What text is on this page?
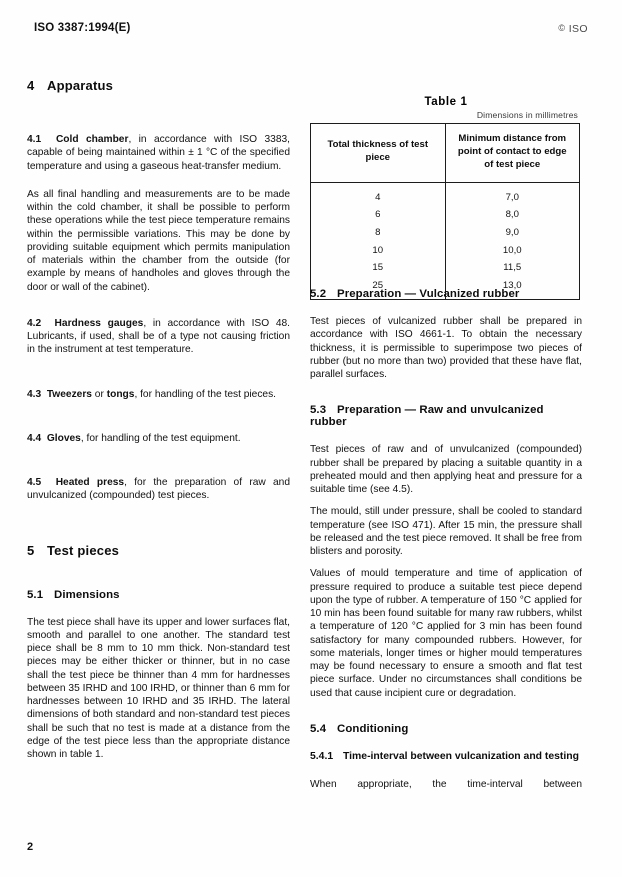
ISO 3387:1994(E)	© ISO
4 Apparatus

4.1 Cold chamber, in accordance with ISO 3383, capable of being maintained within ± 1 °C of the specified temperature and using a gaseous heat-transfer medium.

As all final handling and measurements are to be made within the cold chamber, it shall be possible to perform these operations while the test piece temperature remains within the permissible variations. This may be done by providing suitable equipment which permits manipulation of materials within the chamber from the outside (for example by means of handholes and gloves through the door or wall of the cabinet).

4.2 Hardness gauges, in accordance with ISO 48. Lubricants, if used, shall be of a type not causing friction in the instrument at test temperature.

4.3 Tweezers or tongs, for handling of the test pieces.

4.4 Gloves, for handling of the test equipment.

4.5 Heated press, for the preparation of raw and unvulcanized (compounded) test pieces.

5 Test pieces
5.1 Dimensions

The test piece shall have its upper and lower surfaces flat, smooth and parallel to one another. The standard test piece shall be 8 mm to 10 mm thick. Non-standard test pieces may be either thicker or thinner, but in no case shall the test piece be thinner than 4 mm for hardnesses between 35 IRHD and 100 IRHD, or thinner than 6 mm for hardnesses between 10 IRHD and 35 IRHD. The lateral dimensions of both standard and non-standard test pieces shall be such that no test is made at a distance from the edge of the test piece less than the appropriate distance shown in table 1.

Table 1
Dimensions in millimetres
Total thickness of test piece	Minimum distance from point of contact to edge of test piece
4	7,0
6	8,0
8	9,0
10	10,0
15	11,5
25	13,0
5.2 Preparation — Vulcanized rubber

Test pieces of vulcanized rubber shall be prepared in accordance with ISO 4661-1. To obtain the necessary thickness, it is permissible to superimpose two pieces of rubber (but no more than two) provided that these have flat, parallel surfaces.

5.3 Preparation — Raw and unvulcanized rubber

Test pieces of raw and of unvulcanized (compounded) rubber shall be prepared by placing a suitable quantity in a preheated mould and then applying heat and pressure for a suitable time (see 4.5).

The mould, still under pressure, shall be cooled to standard temperature (see ISO 471). After 15 min, the pressure shall be released and the test piece removed. It shall be free from blisters and porosity.

Values of mould temperature and time of application of pressure required to produce a suitable test piece depend upon the type of rubber. A temperature of 150 °C applied for 10 min has been found suitable for many raw rubbers, whilst a temperature of 120 °C applied for 3 min has been found satisfactory for many compounded rubbers. However, for some materials, longer times or higher mould temperatures may be found necessary to ensure a smooth and flat test piece surface. Under no circumstances shall conditions be used that cause incipient cure or degradation.

5.4 Conditioning
5.4.1 Time-interval between vulcanization and testing

When appropriate, the time-interval between

2
